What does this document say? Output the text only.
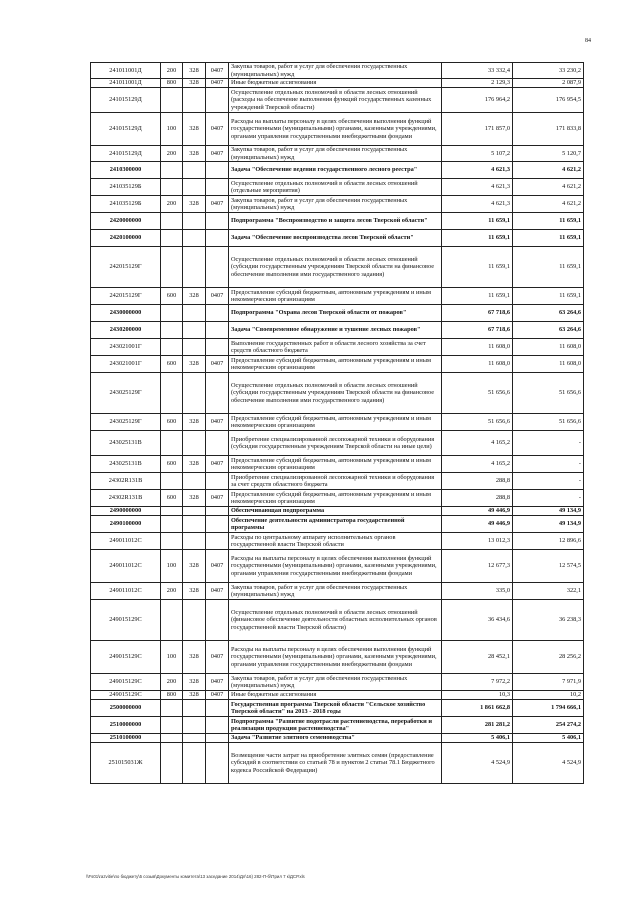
84
241011001Д	200	328	0407	Закупка товаров, работ и услуг для обеспечения государственных (муниципальных) нужд	33 332,4	33 230,2
241011001Д	800	328	0407	Иные бюджетные ассигнования	2 129,3	2 087,9
241015129Д				Осуществление отдельных полномочий в области лесных отношений (расходы на обеспечение выполнения функций государственных казенных учреждений Тверской области)	176 964,2	176 954,5
241015129Д	100	328	0407	Расходы на выплаты персоналу в целях обеспечения выполнения функций государственными (муниципальными) органами, казенными учреждениями, органами управления государственными внебюджетными фондами	171 857,0	171 833,8
241015129Д	200	328	0407	Закупка товаров, работ и услуг для обеспечения государственных (муниципальных) нужд	5 107,2	5 120,7
2410300000				Задача "Обеспечение ведения государственного лесного реестра"	4 621,3	4 621,2
241035129Б				Осуществление отдельных полномочий в области лесных отношений (отдельные мероприятия)	4 621,3	4 621,2
241035129Б	200	328	0407	Закупка товаров, работ и услуг для обеспечения государственных (муниципальных) нужд	4 621,3	4 621,2
2420000000				Подпрограмма "Воспроизводство и защита лесов Тверской области"	11 659,1	11 659,1
2420100000				Задача "Обеспечение воспроизводства лесов Тверской области"	11 659,1	11 659,1
242015129Г				Осуществление отдельных полномочий в области лесных отношений (субсидии государственным учреждениям Тверской области на финансовое обеспечение выполнения ими государственного задания)	11 659,1	11 659,1
242015129Г	600	328	0407	Предоставление субсидий бюджетным, автономным учреждениям и иным некоммерческим организациям	11 659,1	11 659,1
2430000000				Подпрограмма "Охрана лесов Тверской области от пожаров"	67 718,6	63 264,6
2430200000				Задача "Своевременное обнаружение и тушение лесных пожаров"	67 718,6	63 264,6
243021001Г				Выполнение государственных работ в области лесного хозяйства за счет средств областного бюджета	11 608,0	11 608,0
243021001Г	600	328	0407	Предоставление субсидий бюджетным, автономным учреждениям и иным некоммерческим организациям	11 608,0	11 608,0
243025129Г				Осуществление отдельных полномочий в области лесных отношений (субсидии государственным учреждениям Тверской области на финансовое обеспечение выполнения ими государственного задания)	51 656,6	51 656,6
243025129Г	600	328	0407	Предоставление субсидий бюджетным, автономным учреждениям и иным некоммерческим организациям	51 656,6	51 656,6
243025131В				Приобретение специализированной лесопожарной техники и оборудования (субсидия государственным учреждениям Тверской области на иные цели)	4 165,2	-
243025131В	600	328	0407	Предоставление субсидий бюджетным, автономным учреждениям и иным некоммерческим организациям	4 165,2	-
24302R131В				Приобретение специализированной лесопожарной техники и оборудования за счет средств областного бюджета	288,8	-
24302R131В	600	328	0407	Предоставление субсидий бюджетным, автономным учреждениям и иным некоммерческим организациям	288,8	-
2490000000				Обеспечивающая подпрограмма	49 446,9	49 134,9
2490100000				Обеспечение деятельности администратора государственной программы	49 446,9	49 134,9
249011012С				Расходы по центральному аппарату исполнительных органов государственной власти Тверской области	13 012,3	12 896,6
249011012С	100	328	0407	Расходы на выплаты персоналу в целях обеспечения выполнения функций государственными (муниципальными) органами, казенными учреждениями, органами управления государственными внебюджетными фондами	12 677,3	12 574,5
249011012С	200	328	0407	Закупка товаров, работ и услуг для обеспечения государственных (муниципальных) нужд	335,0	322,1
249015129С				Осуществление отдельных полномочий в области лесных отношений (финансовое обеспечение деятельности областных исполнительных органов государственной власти Тверской области)	36 434,6	36 238,3
249015129С	100	328	0407	Расходы на выплаты персоналу в целях обеспечения выполнения функций государственными (муниципальными) органами, казенными учреждениями, органами управления государственными внебюджетными фондами	28 452,1	28 256,2
249015129С	200	328	0407	Закупка товаров, работ и услуг для обеспечения государственных (муниципальных) нужд	7 972,2	7 971,9
249015129С	800	328	0407	Иные бюджетные ассигнования	10,3	10,2
2500000000				Государственная программа Тверской области "Сельское хозяйство Тверской области" на 2013 - 2018 годы	1 861 662,8	1 794 666,1
2510000000				Подпрограмма "Развитие подотрасли растениеводства, переработки и реализации продукции растениеводства"	281 281,2	254 274,2
2510100000				Задача "Развитие элитного семеноводства"	5 406,1	5 406,1
251015031Ж				Возмещение части затрат на приобретение элитных семян (предоставление субсидий в соответствии со статьей 78 и пунктом 2 статьи 78.1 Бюджетного кодекса Российской Федерации)	4 524,9	4 524,9
\\Fs01\razvitie\по бюджету\5 созыв\Документы комитета\13 заседание 2014\Дл\16) 282-П-б\Прил 7 к\ДСР.xls
